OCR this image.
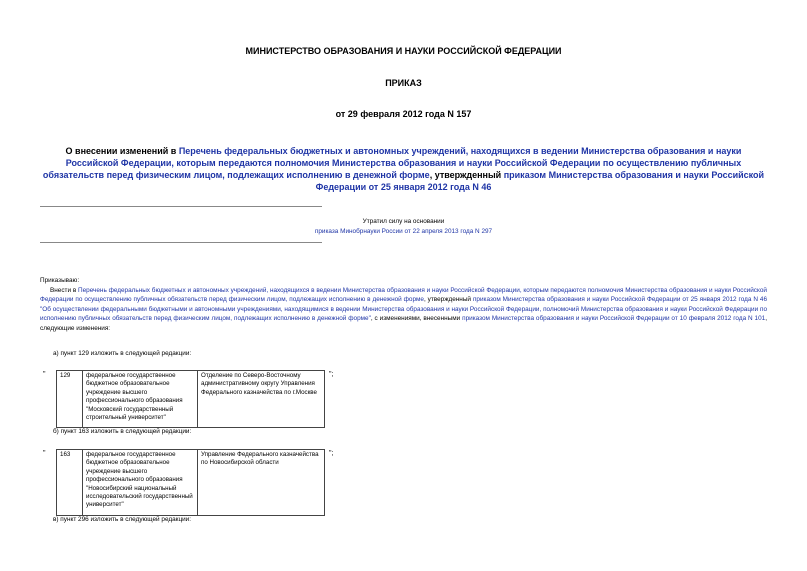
МИНИСТЕРСТВО ОБРАЗОВАНИЯ И НАУКИ РОССИЙСКОЙ ФЕДЕРАЦИИ
ПРИКАЗ
от 29 февраля 2012 года N 157
О внесении изменений в Перечень федеральных бюджетных и автономных учреждений, находящихся в ведении Министерства образования и науки Российской Федерации, которым передаются полномочия Министерства образования и науки Российской Федерации по осуществлению публичных обязательств перед физическим лицом, подлежащих исполнению в денежной форме, утвержденный приказом Министерства образования и науки Российской Федерации от 25 января 2012 года N 46
Утратил силу на основании
приказа Минобрнауки России от 22 апреля 2013 года N 297

Приказываю:

Внести в Перечень федеральных бюджетных и автономных учреждений, находящихся в ведении Министерства образования и науки Российской Федерации, которым передаются полномочия Министерства образования и науки Российской Федерации по осуществлению публичных обязательств перед физическим лицом, подлежащих исполнению в денежной форме, утвержденный приказом Министерства образования и науки Российской Федерации от 25 января 2012 года N 46 "Об осуществлении федеральными бюджетными и автономными учреждениями, находящимися в ведении Министерства образования и науки Российской Федерации, полномочий Министерства образования и науки Российской Федерации по исполнению публичных обязательств перед физическим лицом, подлежащих исполнению в денежной форме", с изменениями, внесенными приказом Министерства образования и науки Российской Федерации от 10 февраля 2012 года N 101, следующие изменения:

а) пункт 129 изложить в следующей редакции:
" 129	федеральное государственное бюджетное образовательное учреждение высшего профессионального образования "Московский государственный строительный университет"	Отделение по Северо-Восточному административному округу Управления Федерального казначейства по г.Москве
";
б) пункт 163 изложить в следующей редакции:
" 163	федеральное государственное бюджетное образовательное учреждение высшего профессионального образования "Новосибирский национальный исследовательский государственный университет"	Управление Федерального казначейства по Новосибирской области
";
в) пункт 296 изложить в следующей редакции:
